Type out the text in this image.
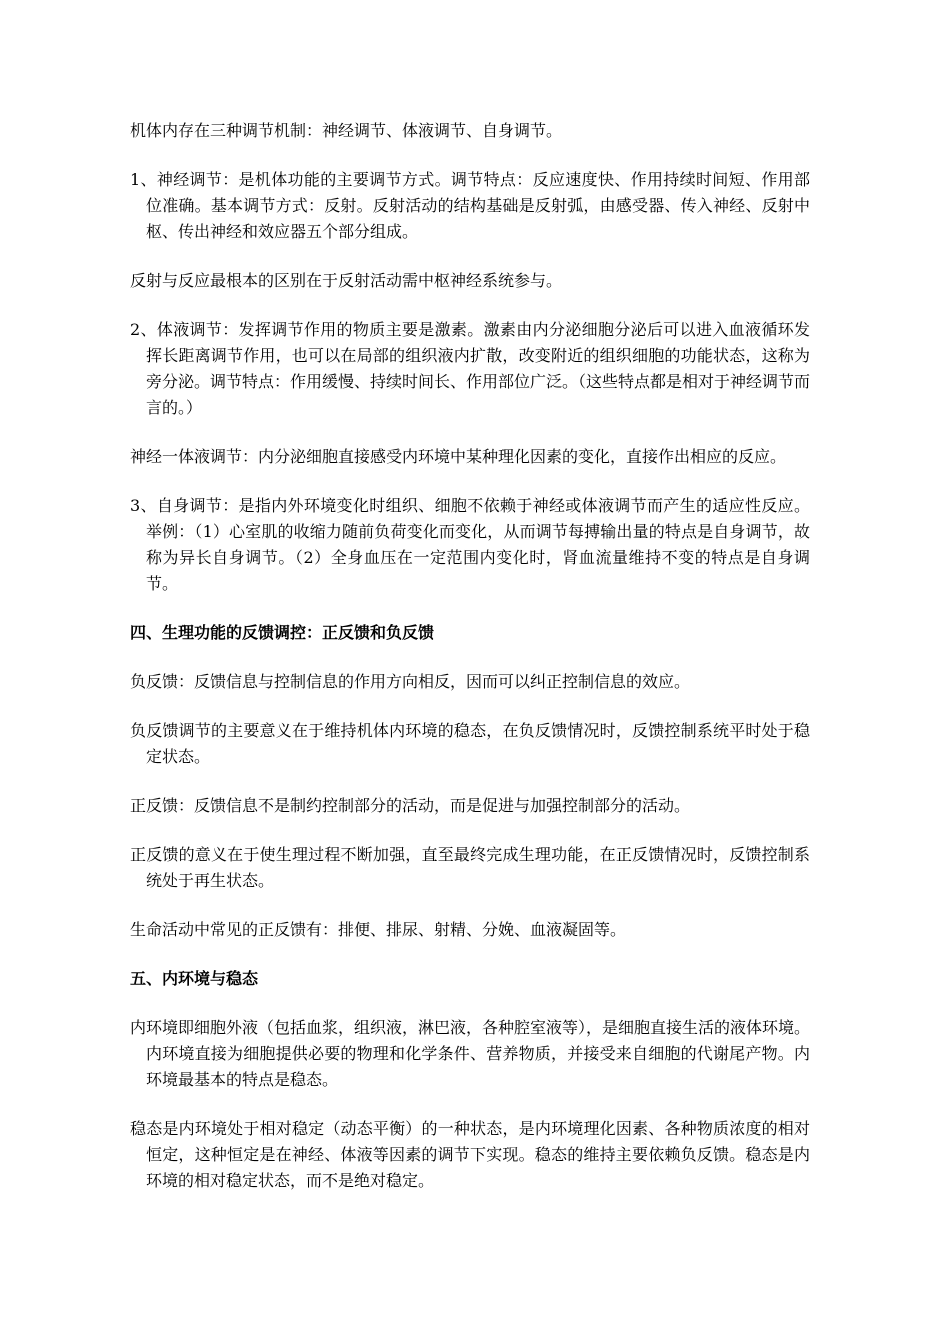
机体内存在三种调节机制：神经调节、体液调节、自身调节。

1、神经调节：是机体功能的主要调节方式。调节特点：反应速度快、作用持续时间短、作用部位准确。基本调节方式：反射。反射活动的结构基础是反射弧，由感受器、传入神经、反射中枢、传出神经和效应器五个部分组成。

反射与反应最根本的区别在于反射活动需中枢神经系统参与。

2、体液调节：发挥调节作用的物质主要是激素。激素由内分泌细胞分泌后可以进入血液循环发挥长距离调节作用，也可以在局部的组织液内扩散，改变附近的组织细胞的功能状态，这称为旁分泌。调节特点：作用缓慢、持续时间长、作用部位广泛。（这些特点都是相对于神经调节而言的。）

神经一体液调节：内分泌细胞直接感受内环境中某种理化因素的变化，直接作出相应的反应。

3、自身调节：是指内外环境变化时组织、细胞不依赖于神经或体液调节而产生的适应性反应。举例：（1）心室肌的收缩力随前负荷变化而变化，从而调节每搏输出量的特点是自身调节，故称为异长自身调节。（2）全身血压在一定范围内变化时，肾血流量维持不变的特点是自身调节。

四、生理功能的反馈调控：正反馈和负反馈

负反馈：反馈信息与控制信息的作用方向相反，因而可以纠正控制信息的效应。

负反馈调节的主要意义在于维持机体内环境的稳态，在负反馈情况时，反馈控制系统平时处于稳定状态。

正反馈：反馈信息不是制约控制部分的活动，而是促进与加强控制部分的活动。

正反馈的意义在于使生理过程不断加强，直至最终完成生理功能，在正反馈情况时，反馈控制系统处于再生状态。

生命活动中常见的正反馈有：排便、排尿、射精、分娩、血液凝固等。

五、内环境与稳态

内环境即细胞外液（包括血浆，组织液，淋巴液，各种腔室液等），是细胞直接生活的液体环境。内环境直接为细胞提供必要的物理和化学条件、营养物质，并接受来自细胞的代谢尾产物。内环境最基本的特点是稳态。

稳态是内环境处于相对稳定（动态平衡）的一种状态，是内环境理化因素、各种物质浓度的相对恒定，这种恒定是在神经、体液等因素的调节下实现。稳态的维持主要依赖负反馈。稳态是内环境的相对稳定状态，而不是绝对稳定。
